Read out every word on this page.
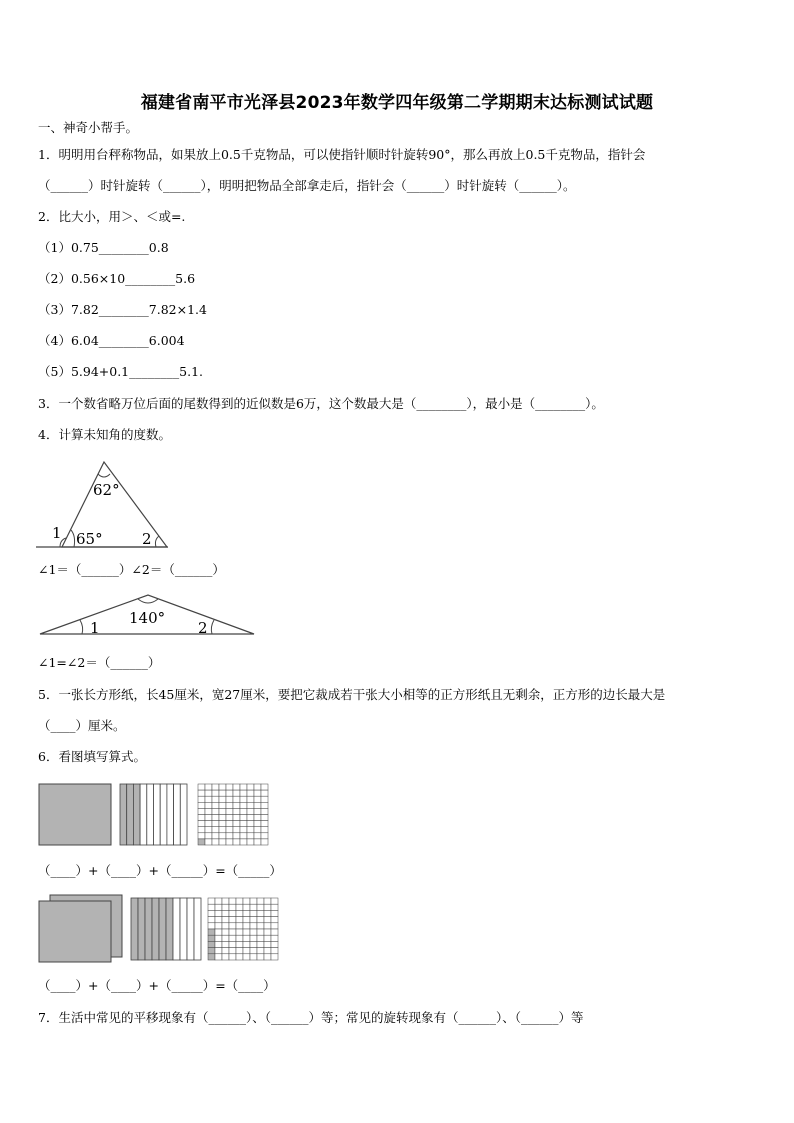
福建省南平市光泽县2023年数学四年级第二学期期末达标测试试题
一、神奇小帮手。
1．明明用台秤称物品，如果放上0.5千克物品，可以使指针顺时针旋转90°，那么再放上0.5千克物品，指针会
（______）时针旋转（______），明明把物品全部拿走后，指针会（______）时针旋转（______）。
2．比大小，用＞、＜或=.
（1）0.75________0.8
（2）0.56×10________5.6
（3）7.82________7.82×1.4
（4）6.04________6.004
（5）5.94+0.1________5.1.
3．一个数省略万位后面的尾数得到的近似数是6万，这个数最大是（________），最小是（________）。
4．计算未知角的度数。
62°
65°
1	2
∠1＝（______）∠2＝（______）
140°
1	2
∠1=∠2＝（______）
5．一张长方形纸，长45厘米，宽27厘米，要把它裁成若干张大小相等的正方形纸且无剩余，正方形的边长最大是
（____）厘米。
6．看图填写算式。
（____）+（____）+（_____）=（_____）
（____）+（____）+（_____）=（____）
7．生活中常见的平移现象有（______）、（______）等；常见的旋转现象有（______）、（______）等
